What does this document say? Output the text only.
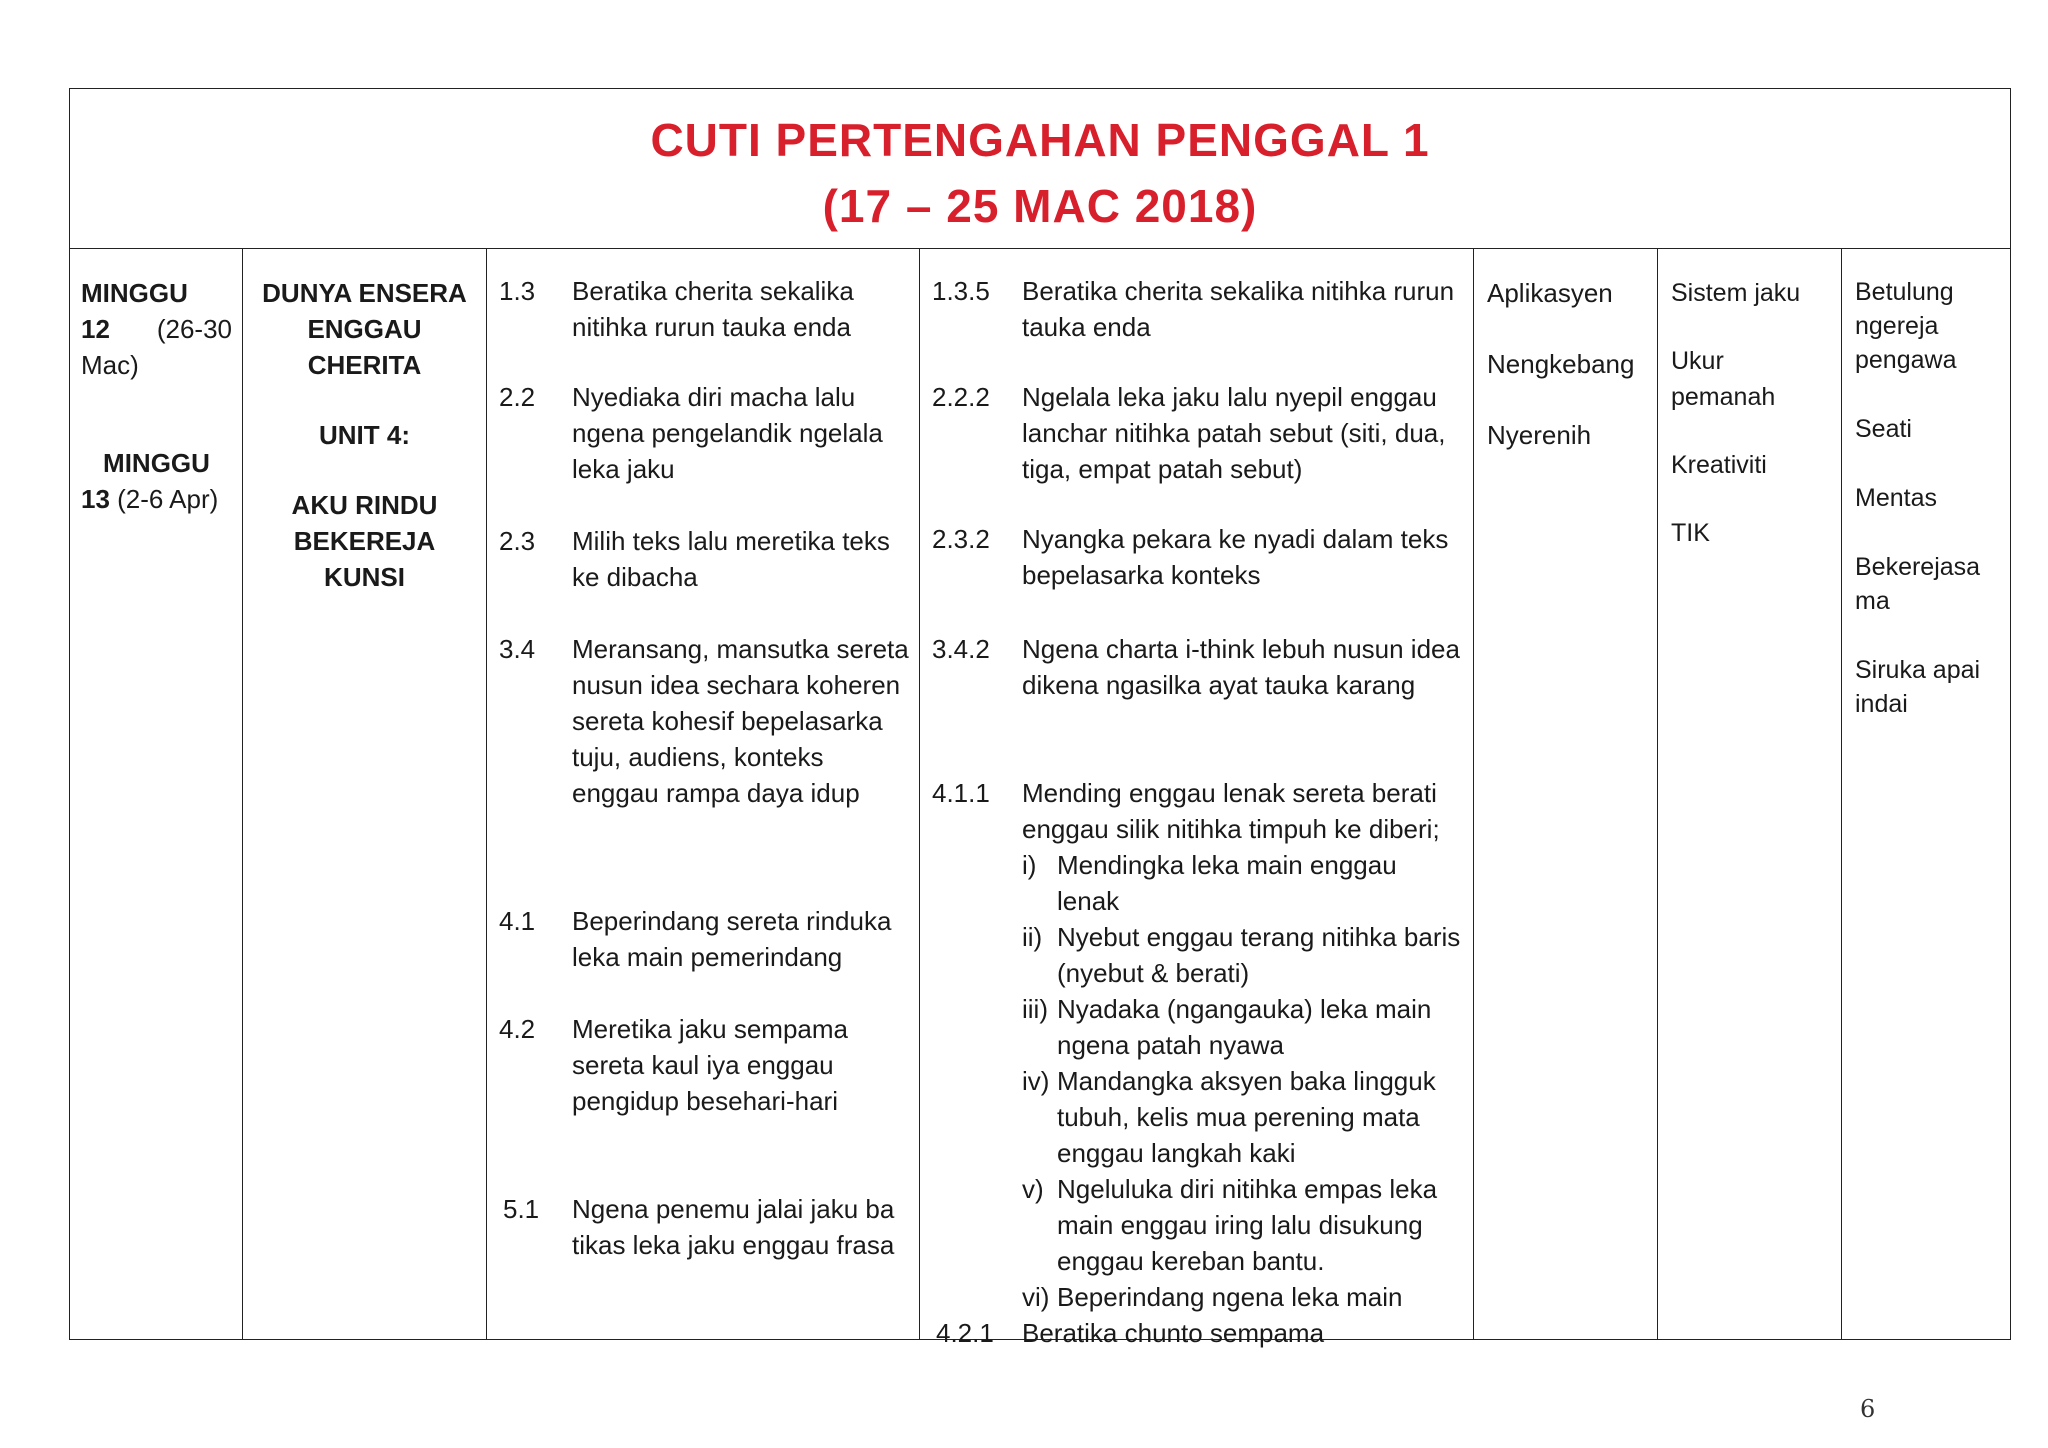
CUTI PERTENGAHAN PENGGAL 1
(17 – 25 MAC 2018)
MINGGU
12 (26-30
Mac)
MINGGU
13 (2-6 Apr)
DUNYA ENSERA
ENGGAU
CHERITA
UNIT 4:
AKU RINDU
BEKEREJA
KUNSI
1.3 Beratika cherita sekalika nitihka rurun tauka enda
2.2 Nyediaka diri macha lalu ngena pengelandik ngelala leka jaku
2.3 Milih teks lalu meretika teks ke dibacha
3.4 Meransang, mansutka sereta nusun idea sechara koheren sereta kohesif bepelasarka tuju, audiens, konteks enggau rampa daya idup
4.1 Beperindang sereta rinduka leka main pemerindang
4.2 Meretika jaku sempama sereta kaul iya enggau pengidup besehari-hari
5.1 Ngena penemu jalai jaku ba tikas leka jaku enggau frasa
1.3.5 Beratika cherita sekalika nitihka rurun tauka enda
2.2.2 Ngelala leka jaku lalu nyepil enggau lanchar nitihka patah sebut (siti, dua, tiga, empat patah sebut)
2.3.2 Nyangka pekara ke nyadi dalam teks bepelasarka konteks
3.4.2 Ngena charta i-think lebuh nusun idea dikena ngasilka ayat tauka karang
4.1.1 Mending enggau lenak sereta berati enggau silik nitihka timpuh ke diberi;
i) Mendingka leka main enggau lenak
ii) Nyebut enggau terang nitihka baris (nyebut & berati)
iii) Nyadaka (ngangauka) leka main ngena patah nyawa
iv) Mandangka aksyen baka lingguk tubuh, kelis mua perening mata enggau langkah kaki
v) Ngeluluka diri nitihka empas leka main enggau iring lalu disukung enggau kereban bantu.
vi) Beperindang ngena leka main
4.2.1 Beratika chunto sempama
Aplikasyen
Nengkebang
Nyerenih
Sistem jaku
Ukur pemanah
Kreativiti
TIK
Betulung ngereja pengawa
Seati
Mentas
Bekerejasa ma
Siruka apai indai
6
